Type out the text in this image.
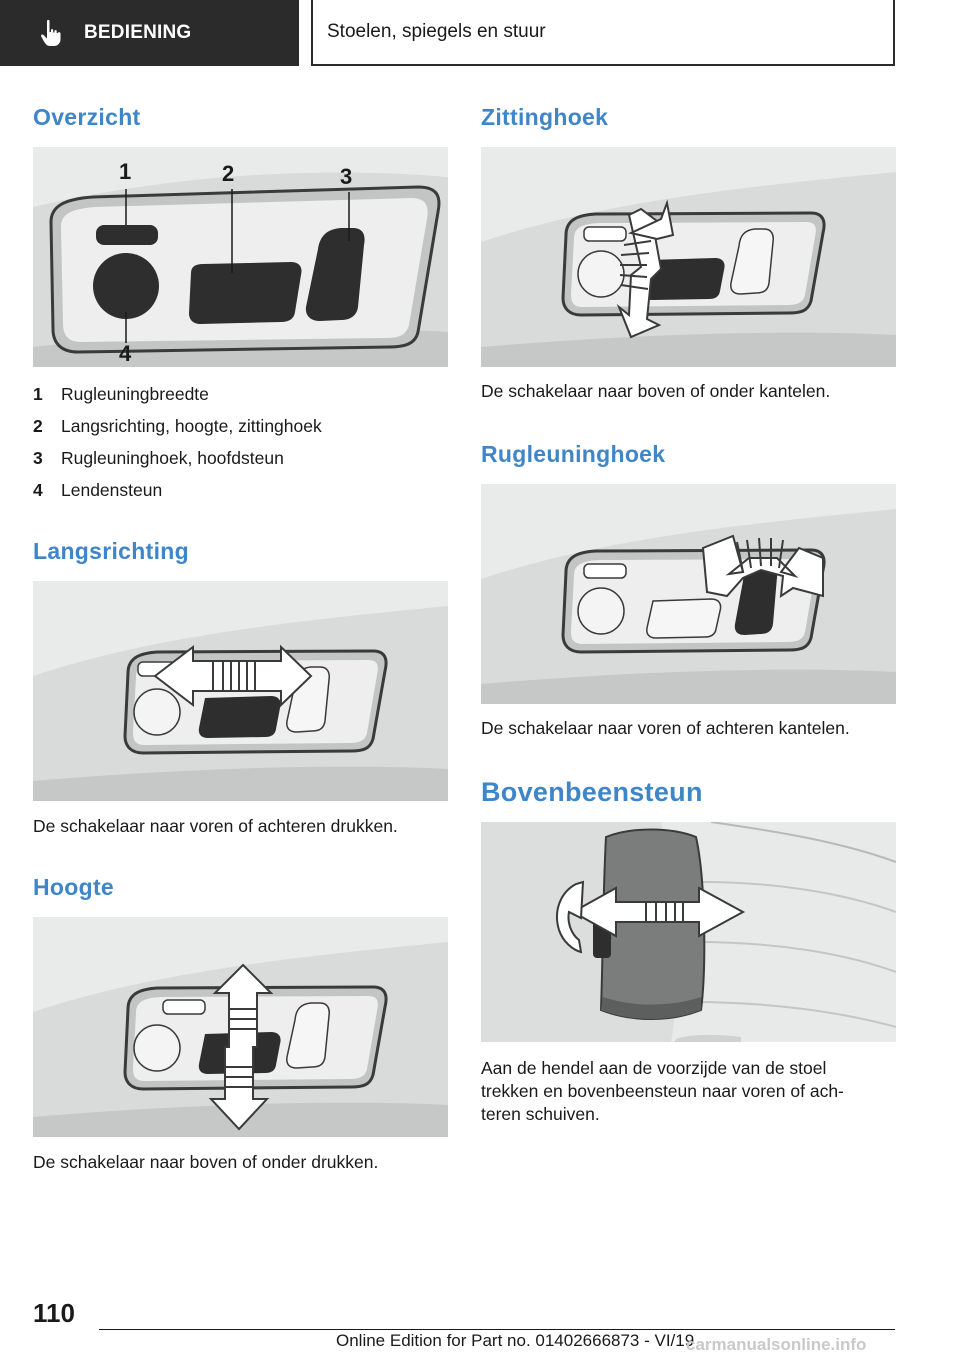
BEDIENING	Stoelen, spiegels en stuur
Overzicht
1	2	3
4
1	Rugleuningbreedte
2	Langsrichting, hoogte, zittinghoek
3	Rugleuninghoek, hoofdsteun
4	Lendensteun
Langsrichting
De schakelaar naar voren of achteren drukken.
Hoogte
De schakelaar naar boven of onder drukken.
Zittinghoek
De schakelaar naar boven of onder kantelen.
Rugleuninghoek
De schakelaar naar voren of achteren kantelen.
Bovenbeensteun
Aan de hendel aan de voorzijde van de stoel
trekken en bovenbeensteun naar voren of ach-
teren schuiven.
110
Online Edition for Part no. 01402666873 - VI/19
carmanualsonline.info
